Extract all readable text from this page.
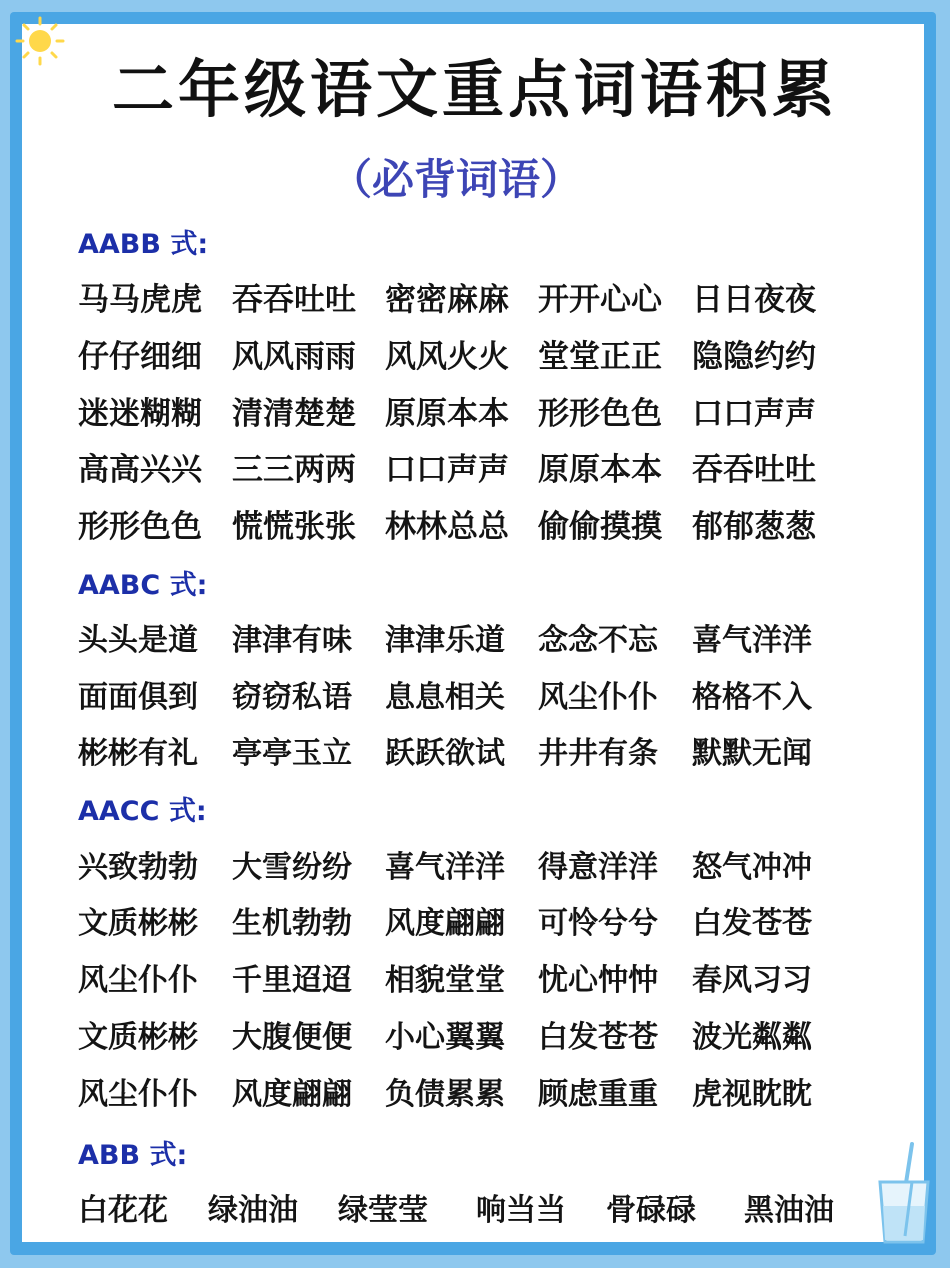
二年级语文重点词语积累
（必背词语）
AABB 式:
马马虎虎 吞吞吐吐 密密麻麻 开开心心 日日夜夜
仔仔细细 风风雨雨 风风火火 堂堂正正 隐隐约约
迷迷糊糊 清清楚楚 原原本本 形形色色 口口声声
高高兴兴 三三两两 口口声声 原原本本 吞吞吐吐
形形色色 慌慌张张 林林总总 偷偷摸摸 郁郁葱葱
AABC 式:
头头是道 津津有味 津津乐道 念念不忘 喜气洋洋
面面俱到 窃窃私语 息息相关 风尘仆仆 格格不入
彬彬有礼 亭亭玉立 跃跃欲试 井井有条 默默无闻
AACC 式:
兴致勃勃 大雪纷纷 喜气洋洋 得意洋洋 怒气冲冲
文质彬彬 生机勃勃 风度翩翩 可怜兮兮 白发苍苍
风尘仆仆 千里迢迢 相貌堂堂 忧心忡忡 春风习习
文质彬彬 大腹便便 小心翼翼 白发苍苍 波光粼粼
风尘仆仆 风度翩翩 负债累累 顾虑重重 虎视眈眈
ABB 式:
白花花 绿油油 绿莹莹 响当当 骨碌碌 黑油油
